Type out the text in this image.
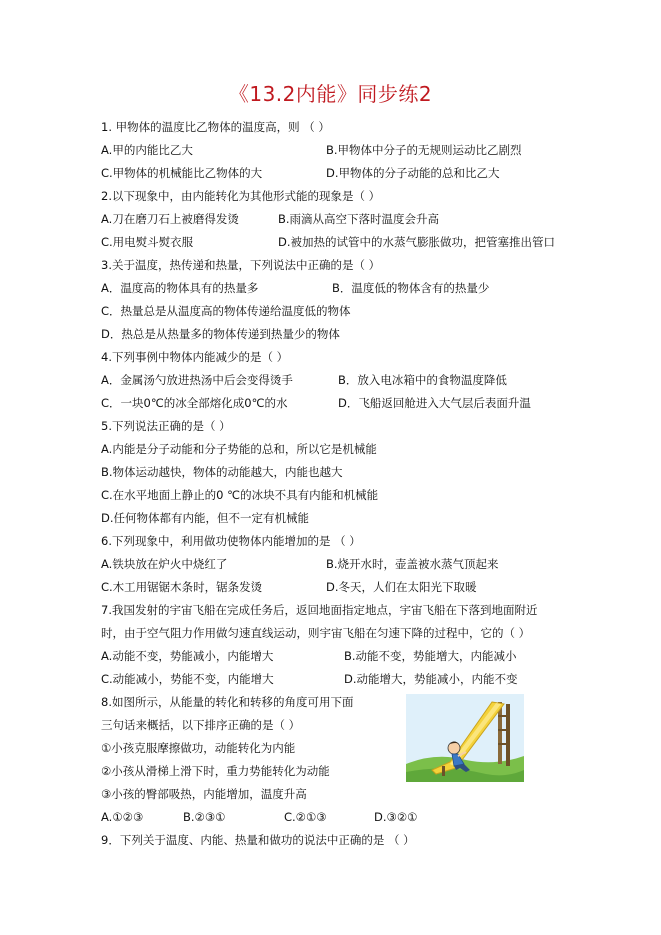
《13.2内能》同步练2
1. 甲物体的温度比乙物体的温度高，则 （ ）
A.甲的内能比乙大	B.甲物体中分子的无规则运动比乙剧烈
C.甲物体的机械能比乙物体的大	D.甲物体的分子动能的总和比乙大
2.以下现象中，由内能转化为其他形式能的现象是（ ）
A.刀在磨刀石上被磨得发烫	B.雨滴从高空下落时温度会升高
C.用电熨斗熨衣服	D.被加热的试管中的水蒸气膨胀做功，把管塞推出管口
3.关于温度，热传递和热量，下列说法中正确的是（ ）
A．温度高的物体具有的热量多	B．温度低的物体含有的热量少
C．热量总是从温度高的物体传递给温度低的物体
D．热总是从热量多的物体传递到热量少的物体
4.下列事例中物体内能减少的是（ ）
A．金属汤勺放进热汤中后会变得烫手	B．放入电冰箱中的食物温度降低
C．一块0℃的冰全部熔化成0℃的水	D．飞船返回舱进入大气层后表面升温
5.下列说法正确的是（ ）
A.内能是分子动能和分子势能的总和，所以它是机械能
B.物体运动越快，物体的动能越大，内能也越大
C.在水平地面上静止的0 ℃的冰块不具有内能和机械能
D.任何物体都有内能，但不一定有机械能
6.下列现象中，利用做功使物体内能增加的是 （ ）
A.铁块放在炉火中烧红了	B.烧开水时，壶盖被水蒸气顶起来
C.木工用锯锯木条时，锯条发烫	D.冬天，人们在太阳光下取暖
7.我国发射的宇宙飞船在完成任务后，返回地面指定地点，宇宙飞船在下落到地面附近
时，由于空气阻力作用做匀速直线运动，则宇宙飞船在匀速下降的过程中，它的（ ）
A.动能不变，势能减小，内能增大	B.动能不变，势能增大，内能减小
C.动能减小，势能不变，内能增大	D.动能增大，势能减小，内能不变
8.如图所示，从能量的转化和转移的角度可用下面
三句话来概括，以下排序正确的是（ ）
①小孩克服摩擦做功，动能转化为内能
②小孩从滑梯上滑下时，重力势能转化为动能
③小孩的臀部吸热，内能增加，温度升高
A.①②③	B.②③①	C.②①③	D.③②①
9．下列关于温度、内能、热量和做功的说法中正确的是 （ ）
